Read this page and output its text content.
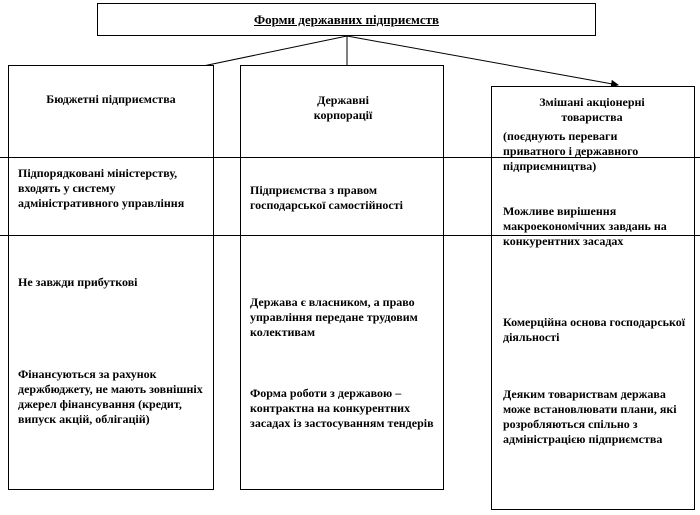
Форми державних підприємств
Бюджетні підприємства
Підпорядковані міністерству, входять у систему адміністративного управління
Не завжди прибуткові
Фінансуються за рахунок держбюджету, не мають зовнішніх джерел фінансування (кредит, випуск акцій, облігацій)
Державні корпорації
Підприємства з правом господарської самостійності
Держава є власником, а право управління передане трудовим колективам
Форма роботи з державою – контрактна на конкурентних засадах із застосуванням тендерів
Змішані акціонерні товариства
(поєднують переваги приватного і державного підприємництва)
Можливе вирішення макроекономічних завдань на конкурентних засадах
Комерційна основа господарської діяльності
Деяким товариствам держава може встановлювати плани, які розробляються спільно з адміністрацією підприємства
